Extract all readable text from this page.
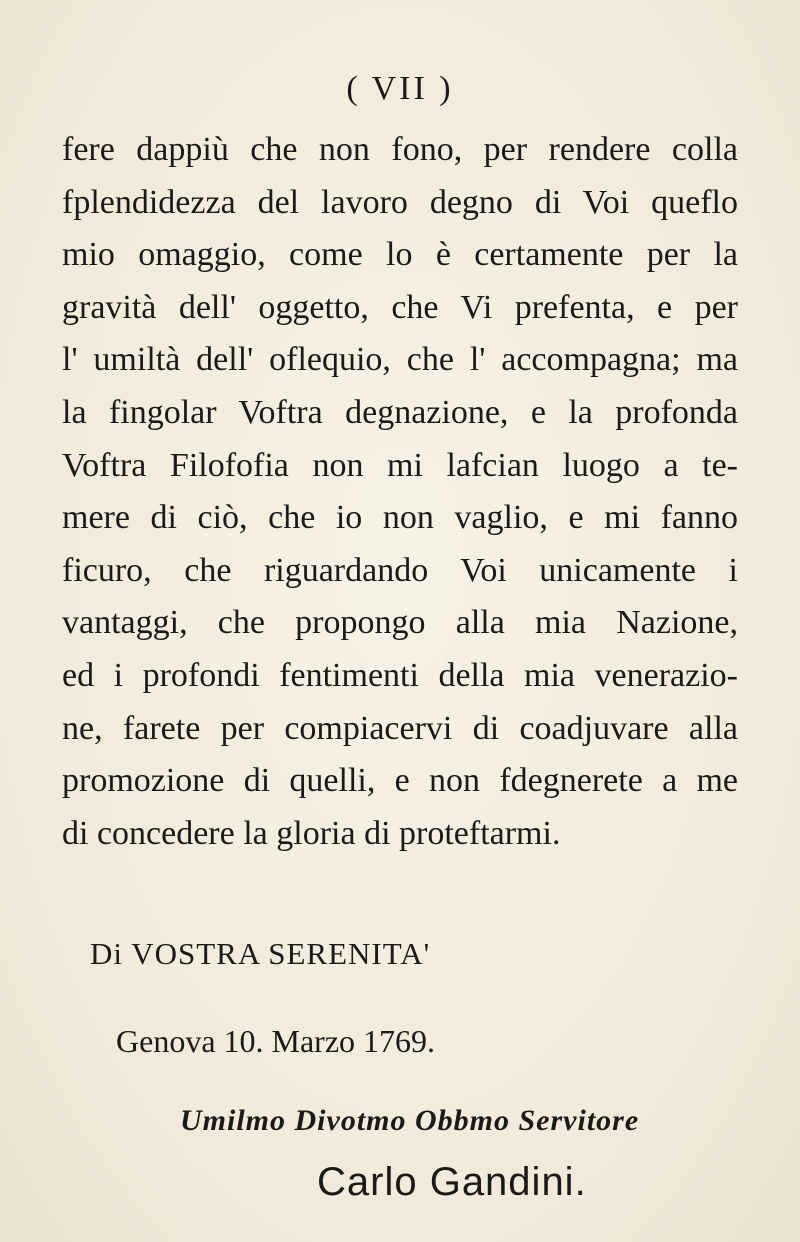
( VII )
fere dappiù che non fono, per rendere colla
fplendidezza del lavoro degno di Voi queflo
mio omaggio, come lo è certamente per la
gravità dell' oggetto, che Vi prefenta, e per
l' umiltà dell' oflequio, che l' accompagna; ma
la fingolar Voftra degnazione, e la profonda
Voftra Filofofia non mi lafcian luogo a te-
mere di ciò, che io non vaglio, e mi fanno
ficuro, che riguardando Voi unicamente i
vantaggi, che propongo alla mia Nazione,
ed i profondi fentimenti della mia venerazio-
ne, farete per compiacervi di coadjuvare alla
promozione di quelli, e non fdegnerete a me
di concedere la gloria di proteftarmi.
Di VOSTRA SERENITA'
Genova 10. Marzo 1769.
Umilmo Divotmo Obbmo Servitore
Carlo Gandini.
